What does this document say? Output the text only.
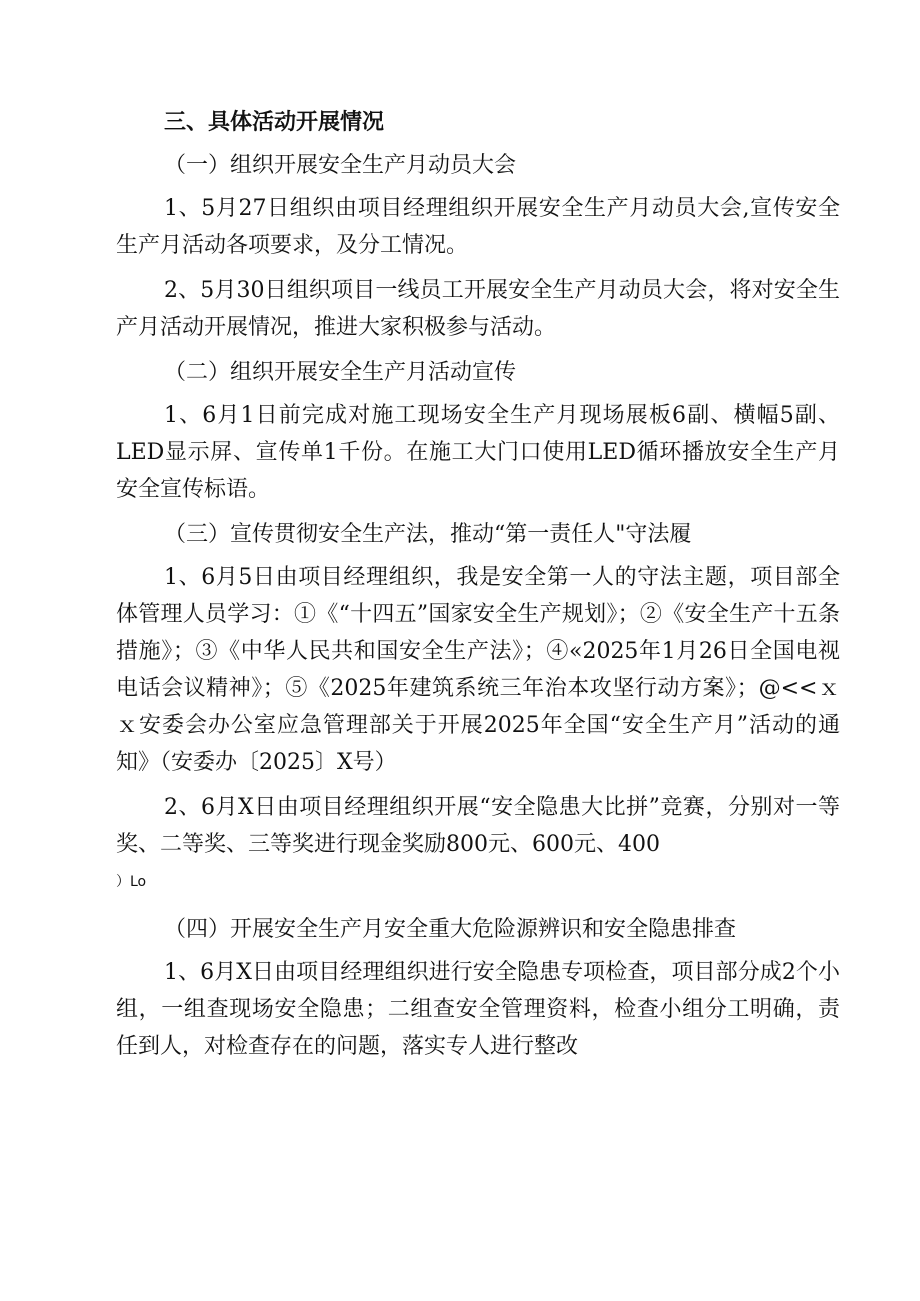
三、具体活动开展情况

（一）组织开展安全生产月动员大会

1、5月27日组织由项目经理组织开展安全生产月动员大会,宣传安全生产月活动各项要求，及分工情况。

2、5月30日组织项目一线员工开展安全生产月动员大会，将对安全生产月活动开展情况，推进大家积极参与活动。

（二）组织开展安全生产月活动宣传

1、6月1日前完成对施工现场安全生产月现场展板6副、横幅5副、LED显示屏、宣传单1千份。在施工大门口使用LED循环播放安全生产月安全宣传标语。

（三）宣传贯彻安全生产法，推动“第一责任人"守法履

1、6月5日由项目经理组织，我是安全第一人的守法主题，项目部全体管理人员学习：①《“十四五”国家安全生产规划》；②《安全生产十五条措施》；③《中华人民共和国安全生产法》；④«2025年1月26日全国电视电话会议精神》；⑤《2025年建筑系统三年治本攻坚行动方案》；@<<ｘｘ安委会办公室应急管理部关于开展2025年全国“安全生产月”活动的通知》（安委办〔2025〕X号）

2、6月X日由项目经理组织开展“安全隐患大比拼”竞赛，分别对一等奖、二等奖、三等奖进行现金奖励800元、600元、400

）Lo

（四）开展安全生产月安全重大危险源辨识和安全隐患排查

1、6月X日由项目经理组织进行安全隐患专项检查，项目部分成2个小组，一组查现场安全隐患；二组查安全管理资料，检查小组分工明确，责任到人，对检查存在的问题，落实专人进行整改
